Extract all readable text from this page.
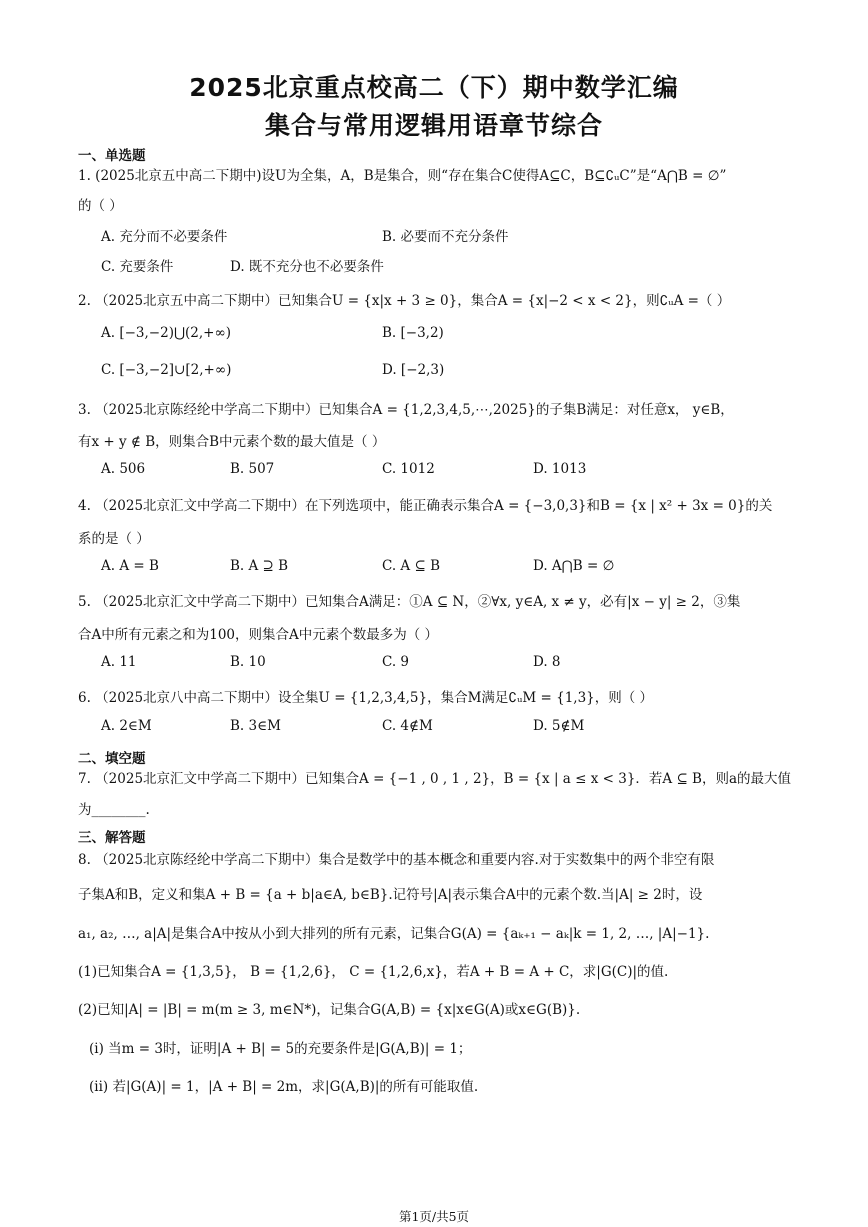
2025北京重点校高二（下）期中数学汇编
集合与常用逻辑用语章节综合
一、单选题
1. (2025北京五中高二下期中)设U为全集，A，B是集合，则“存在集合C使得A⊆C，B⊆∁ᵤC”是“A⋂B = ∅”
的（ ）
A. 充分而不必要条件	B. 必要而不充分条件
C. 充要条件	D. 既不充分也不必要条件
2. （2025北京五中高二下期中）已知集合U = {x|x + 3 ≥ 0}，集合A = {x|−2 < x < 2}，则∁ᵤA =（ ）
A. [−3,−2)⋃(2,+∞)	B. [−3,2)
C. [−3,−2]∪[2,+∞)	D. [−2,3)
3. （2025北京陈经纶中学高二下期中）已知集合A = {1,2,3,4,5,⋯,2025}的子集B满足：对任意x， y∈B，
有x + y ∉ B，则集合B中元素个数的最大值是（ ）
A. 506	B. 507	C. 1012	D. 1013
4. （2025北京汇文中学高二下期中）在下列选项中，能正确表示集合A = {−3,0,3}和B = {x | x² + 3x = 0}的关
系的是（ ）
A. A = B	B. A ⊇ B	C. A ⊆ B	D. A⋂B = ∅
5. （2025北京汇文中学高二下期中）已知集合A满足：①A ⊆ N，②∀x, y∈A, x ≠ y，必有|x − y| ≥ 2，③集
合A中所有元素之和为100，则集合A中元素个数最多为（ ）
A. 11	B. 10	C. 9	D. 8
6. （2025北京八中高二下期中）设全集U = {1,2,3,4,5}，集合M满足∁ᵤM = {1,3}，则（ ）
A. 2∈M	B. 3∈M	C. 4∉M	D. 5∉M
二、填空题
7. （2025北京汇文中学高二下期中）已知集合A = {−1 , 0 , 1 , 2}，B = {x | a ≤ x < 3}．若A ⊆ B，则a的最大值
为________.
三、解答题
8. （2025北京陈经纶中学高二下期中）集合是数学中的基本概念和重要内容.对于实数集中的两个非空有限
子集A和B，定义和集A + B = {a + b|a∈A, b∈B}.记符号|A|表示集合A中的元素个数.当|A| ≥ 2时，设
a₁, a₂, …, a|A|是集合A中按从小到大排列的所有元素，记集合G(A) = {aₖ₊₁ − aₖ|k = 1, 2, …, |A|−1}.
(1)已知集合A = {1,3,5}， B = {1,2,6}， C = {1,2,6,x}，若A + B = A + C，求|G(C)|的值.
(2)已知|A| = |B| = m(m ≥ 3, m∈N*)，记集合G(A,B) = {x|x∈G(A)或x∈G(B)}.
(i) 当m = 3时，证明|A + B| = 5的充要条件是|G(A,B)| = 1；
(ii) 若|G(A)| = 1，|A + B| = 2m，求|G(A,B)|的所有可能取值.
第1页/共5页
